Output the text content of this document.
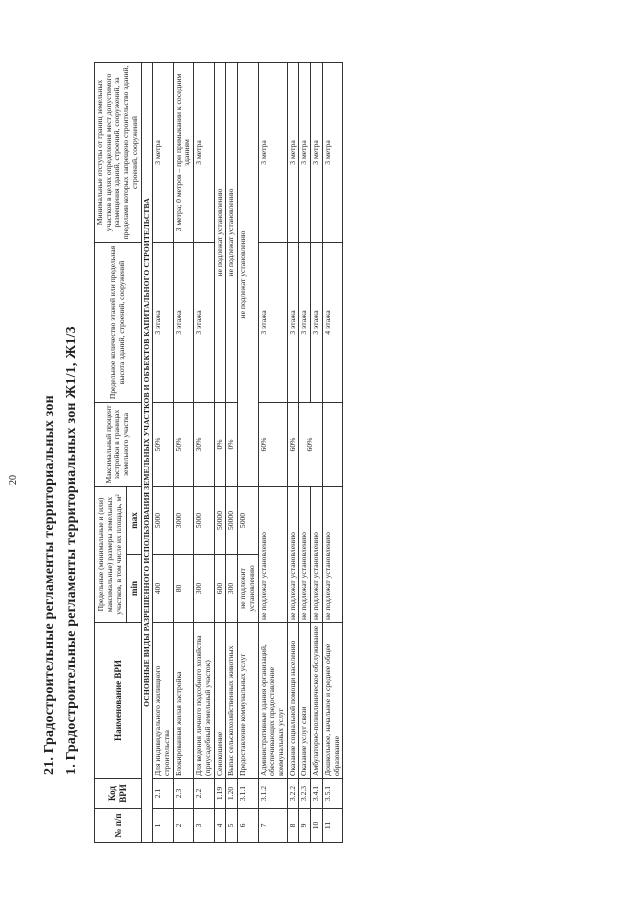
20 21. Градостроительные регламенты территориальных зон 1. Градостроительные регламенты территориальных зон Ж1/1, Ж1/3
№ п/п	Код ВРИ	Наименование ВРИ	Предельные (минимальные и (или) максимальные) размеры земельных участков, в том числе их площадь, м²		Максимальный процент застройки в границах земельного участка	Предельное количество этажей или предельная высота зданий, строений, сооружений	Минимальные отступы от границ земельных участков в целях определения мест допустимого размещения зданий, строений, сооружений, за пределами которых запрещено строительство зданий, строений, сооружений
			min	max			
ОСНОВНЫЕ ВИДЫ РАЗРЕШЕННОГО ИСПОЛЬЗОВАНИЯ ЗЕМЕЛЬНЫХ УЧАСТКОВ И ОБЪЕКТОВ КАПИТАЛЬНОГО СТРОИТЕЛЬСТВА							
1	2.1	Для индивидуального жилищного строительства	400	5000	50%	3 этажа	3 метра
2	2.3	Блокированная жилая застройка	80	3000	50%	3 этажа	3 метра; 0 метров – при примыкании к соседним зданиям
3	2.2	Для ведения личного подсобного хозяйства (приусадебный земельный участок)	300	5000	30%	3 этажа	3 метра
4	1.19	Сенокошение	600	50000	0%	не подлежат установлению	
5	1.20	Выпас сельскохозяйственных животных	300	50000	0%	не подлежат установлению	
6	3.1.1	Предоставление коммунальных услуг	не подлежит установлению	5000	не подлежат установлению		
7	3.1.2	Административные здания организаций, обеспечивающих предоставление коммунальных услуг	не подлежат установлению		60%	3 этажа	3 метра
8	3.2.2	Оказание социальной помощи населению	не подлежат установлению		60%	3 этажа	3 метра
9	3.2.3	Оказание услуг связи	не подлежат установлению		60%	3 этажа	3 метра
10	3.4.1	Амбулаторно-поликлиническое обслуживание	не подлежат установлению			3 этажа	3 метра
11	3.5.1	Дошкольное, начальное и среднее общее образование	не подлежат установлению			4 этажа	3 метра
